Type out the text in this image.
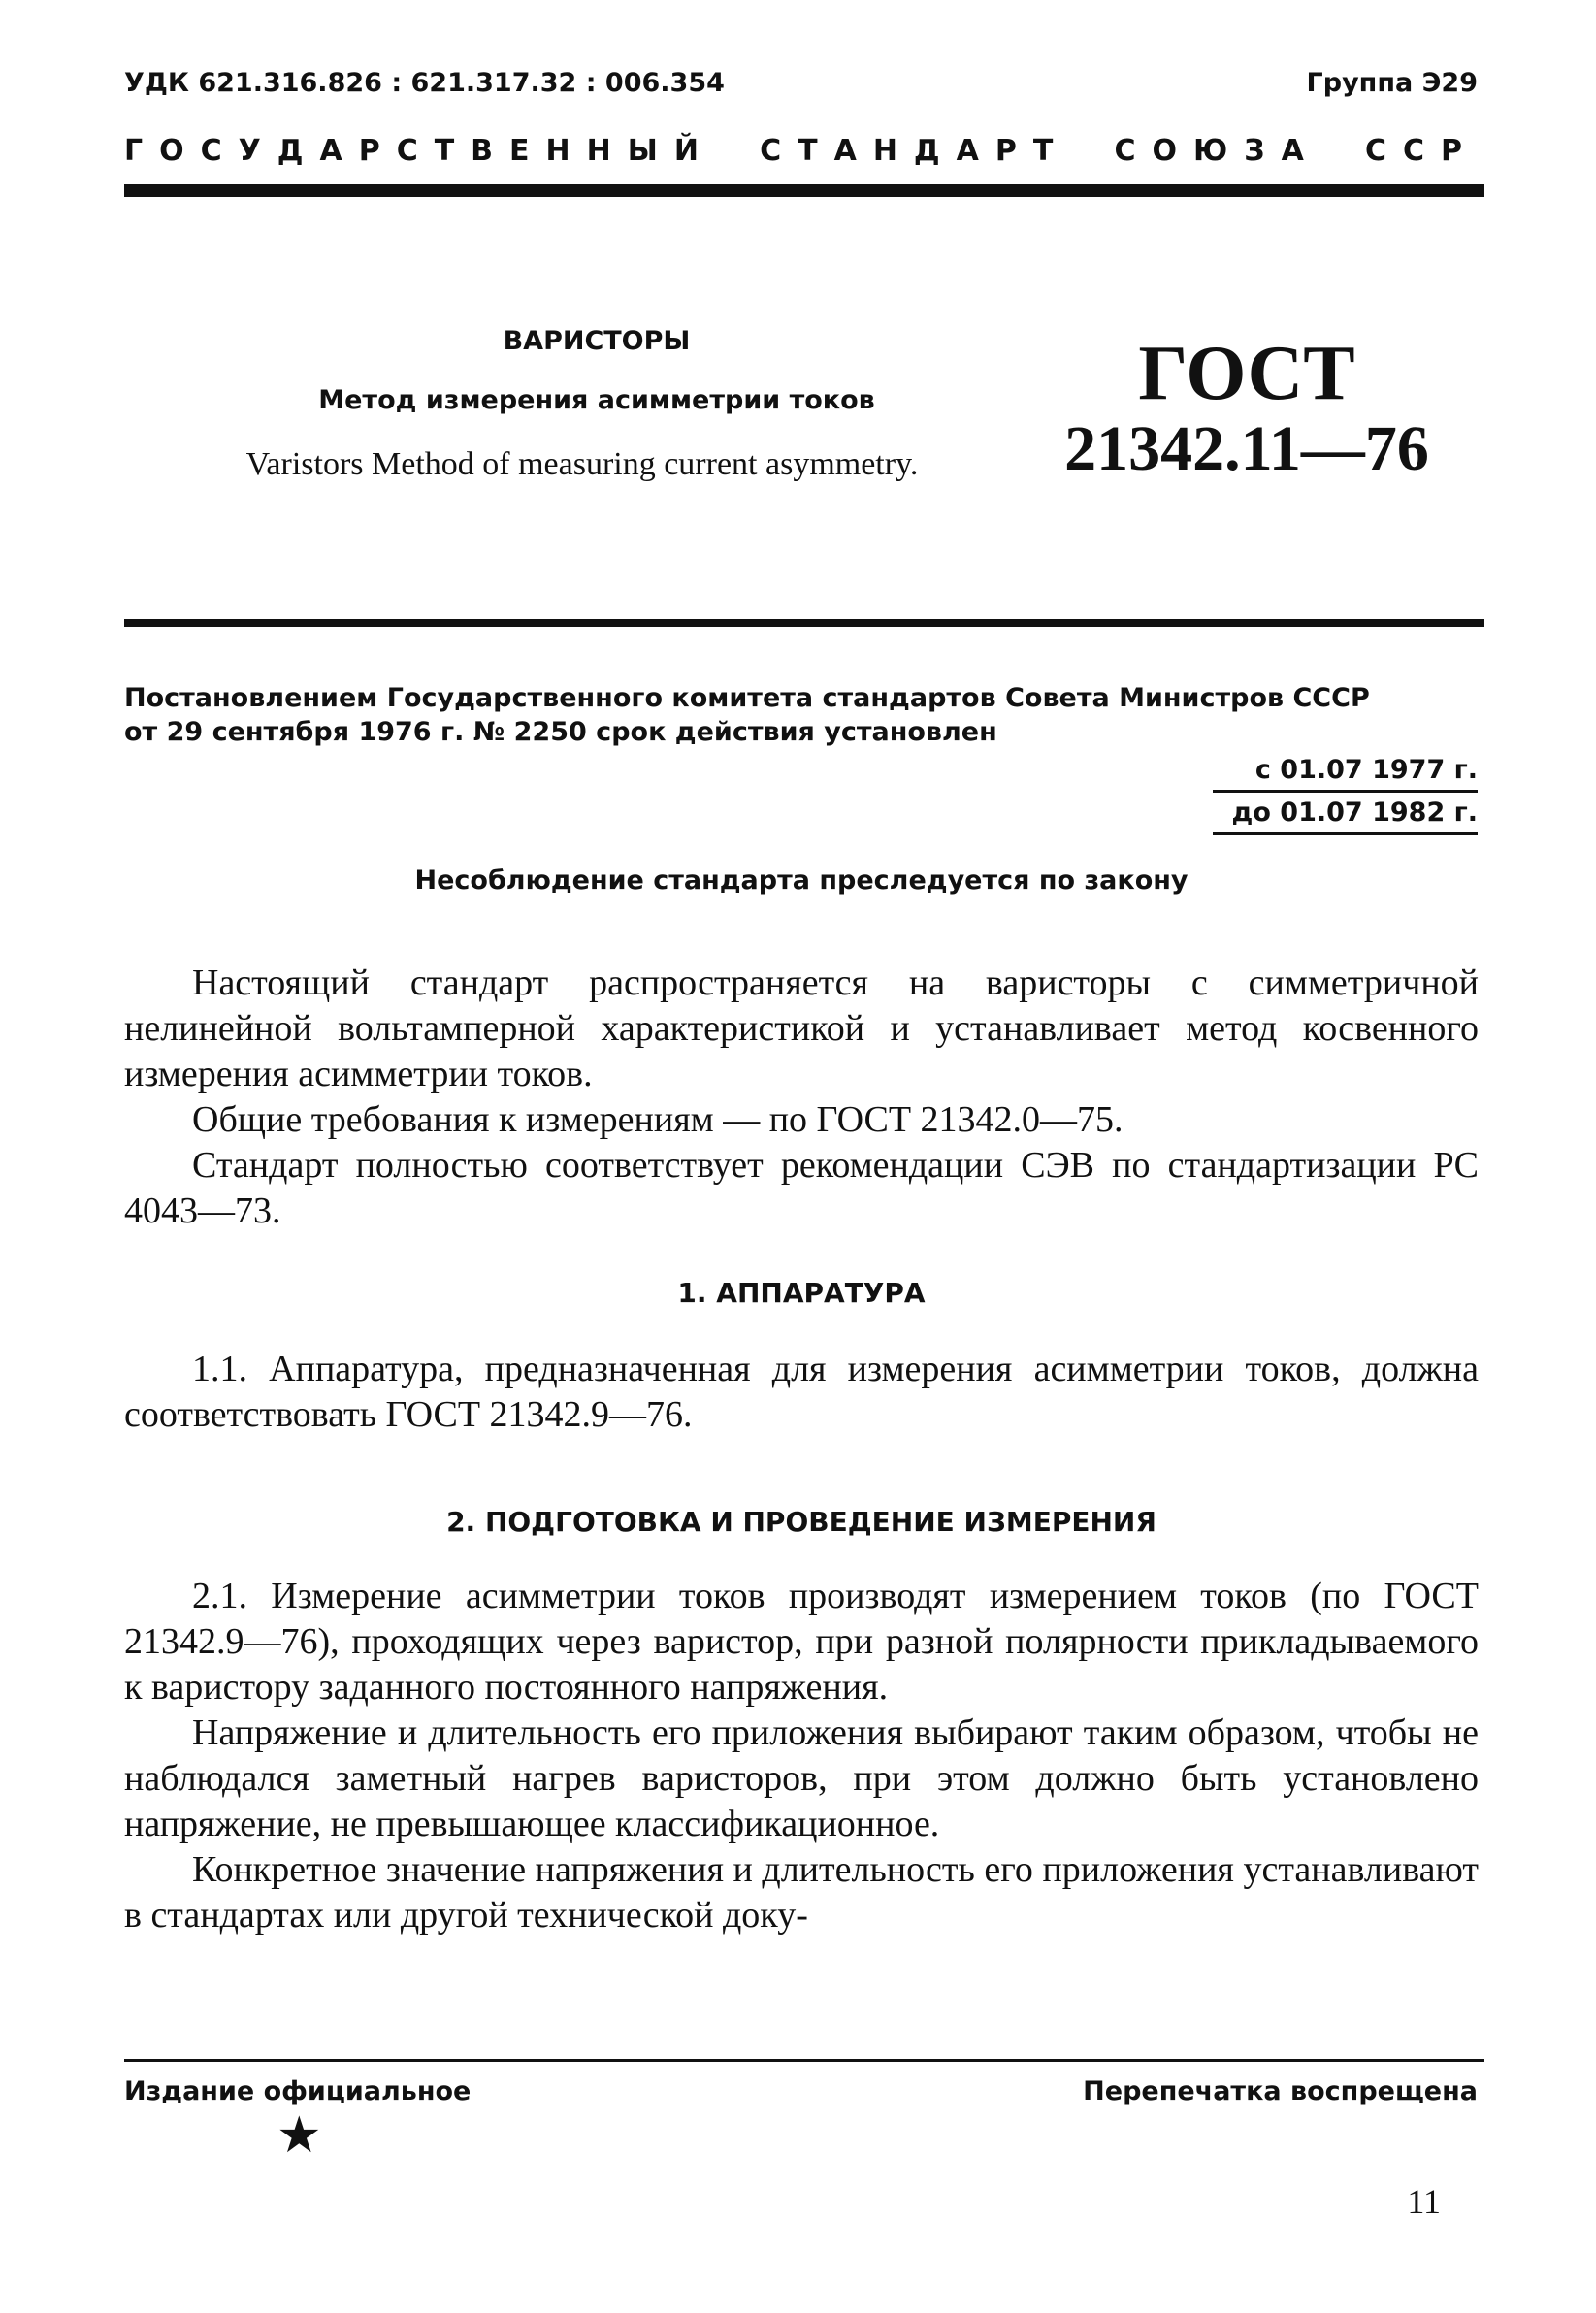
УДК 621.316.826 : 621.317.32 : 006.354	Группа Э29
ГОСУДАРСТВЕННЫЙ СТАНДАРТ СОЮЗА ССР
ВАРИСТОРЫ
Метод измерения асимметрии токов
Varistors Method of measuring current asymmetry.
ГОСТ
21342.11—76
Постановлением Государственного комитета стандартов Совета Министров СССР
от 29 сентября 1976 г. № 2250 срок действия установлен
с 01.07 1977 г.
до 01.07 1982 г.
Несоблюдение стандарта преследуется по закону

Настоящий стандарт распространяется на варисторы с симметричной нелинейной вольтамперной характеристикой и устанавливает метод косвенного измерения асимметрии токов.

Общие требования к измерениям — по ГОСТ 21342.0—75.

Стандарт полностью соответствует рекомендации СЭВ по стандартизации PC 4043—73.

1. АППАРАТУРА

1.1. Аппаратура, предназначенная для измерения асимметрии токов, должна соответствовать ГОСТ 21342.9—76.

2. ПОДГОТОВКА И ПРОВЕДЕНИЕ ИЗМЕРЕНИЯ

2.1. Измерение асимметрии токов производят измерением токов (по ГОСТ 21342.9—76), проходящих через варистор, при разной полярности прикладываемого к варистору заданного постоянного напряжения.

Напряжение и длительность его приложения выбирают таким образом, чтобы не наблюдался заметный нагрев варисторов, при этом должно быть установлено напряжение, не превышающее классификационное.

Конкретное значение напряжения и длительность его приложения устанавливают в стандартах или другой технической доку-

Издание официальное	Перепечатка воспрещена
★
11
